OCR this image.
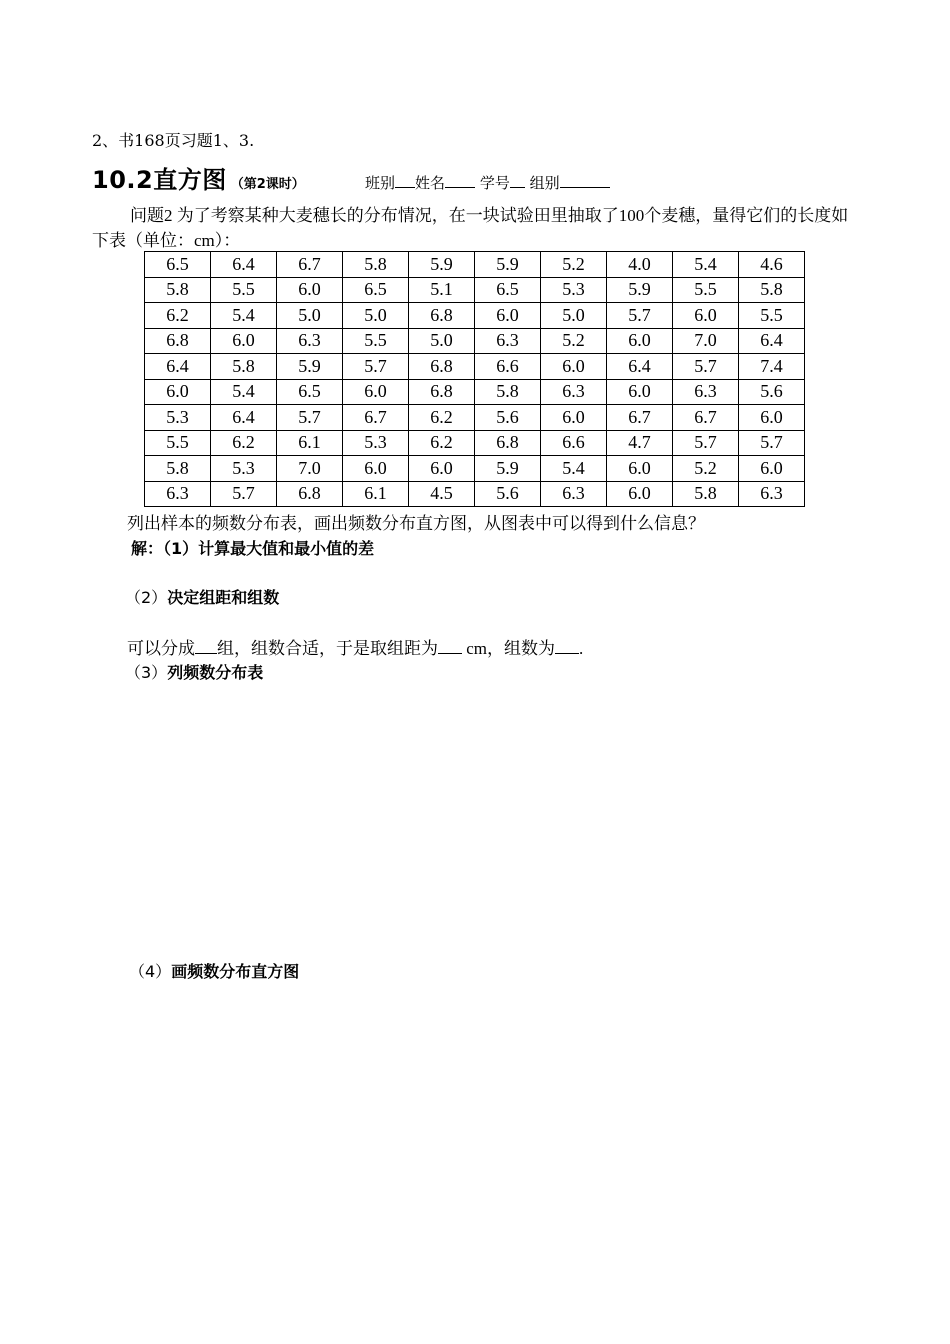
2、书168页习题1、3.
10.2直方图 （第2课时）	班别 姓名 学号 组别
问题2 为了考察某种大麦穗长的分布情况，在一块试验田里抽取了100个麦穗，量得它们的长度如下表（单位：cm）：
6.5	6.4	6.7	5.8	5.9	5.9	5.2	4.0	5.4	4.6
5.8	5.5	6.0	6.5	5.1	6.5	5.3	5.9	5.5	5.8
6.2	5.4	5.0	5.0	6.8	6.0	5.0	5.7	6.0	5.5
6.8	6.0	6.3	5.5	5.0	6.3	5.2	6.0	7.0	6.4
6.4	5.8	5.9	5.7	6.8	6.6	6.0	6.4	5.7	7.4
6.0	5.4	6.5	6.0	6.8	5.8	6.3	6.0	6.3	5.6
5.3	6.4	5.7	6.7	6.2	5.6	6.0	6.7	6.7	6.0
5.5	6.2	6.1	5.3	6.2	6.8	6.6	4.7	5.7	5.7
5.8	5.3	7.0	6.0	6.0	5.9	5.4	6.0	5.2	6.0
6.3	5.7	6.8	6.1	4.5	5.6	6.3	6.0	5.8	6.3
列出样本的频数分布表，画出频数分布直方图，从图表中可以得到什么信息？
解：（1）计算最大值和最小值的差
（2）决定组距和组数
可以分成 组，组数合适，于是取组距为 cm，组数为 .
（3）列频数分布表
（4）画频数分布直方图
